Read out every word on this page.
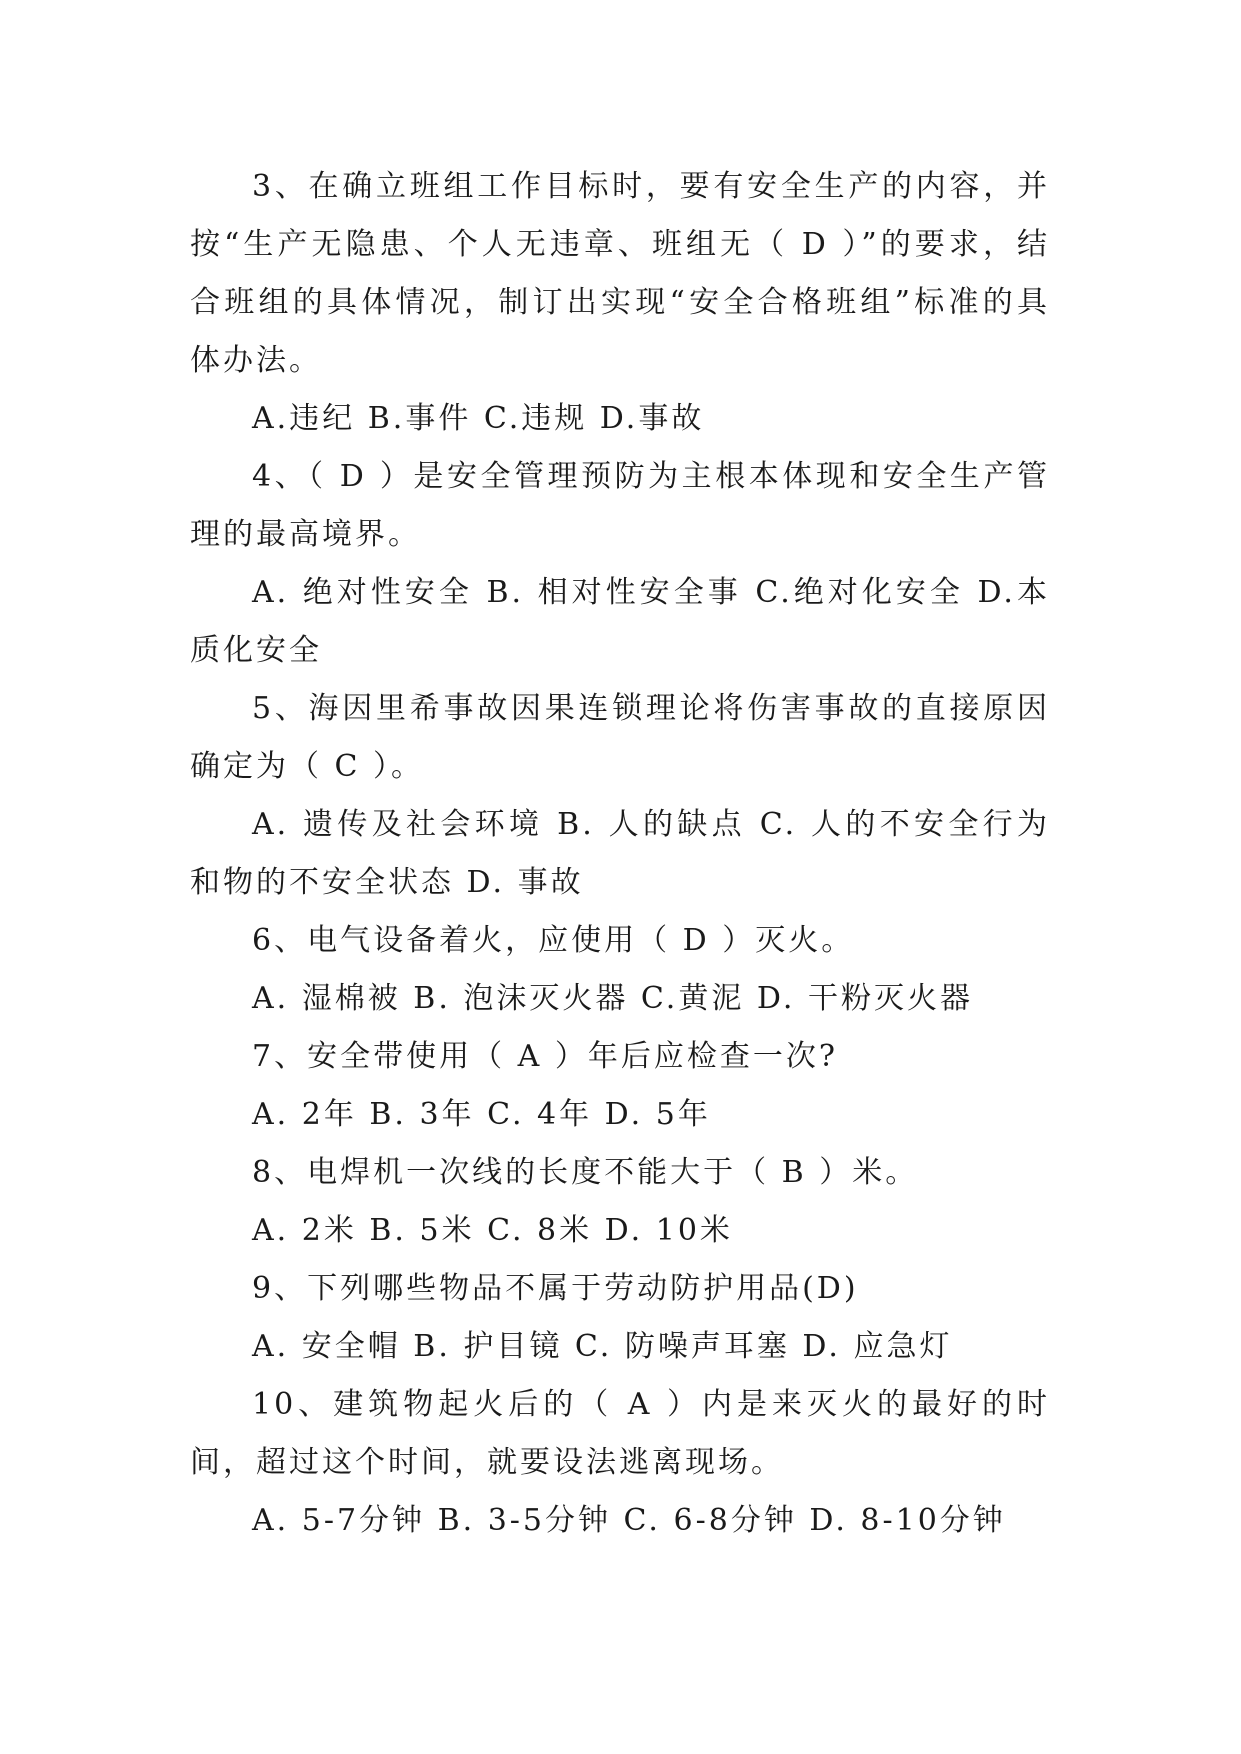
3、在确立班组工作目标时，要有安全生产的内容，并按“生产无隐患、个人无违章、班组无（ D ）”的要求，结合班组的具体情况，制订出实现“安全合格班组”标准的具体办法。

A.违纪 B.事件 C.违规 D.事故

4、（ D ）是安全管理预防为主根本体现和安全生产管理的最高境界。

A. 绝对性安全 B. 相对性安全事 C.绝对化安全 D.本质化安全

5、海因里希事故因果连锁理论将伤害事故的直接原因确定为（ C ）。

A. 遗传及社会环境 B. 人的缺点 C. 人的不安全行为和物的不安全状态 D. 事故

6、电气设备着火，应使用（ D ）灭火。

A. 湿棉被 B. 泡沫灭火器 C.黄泥 D. 干粉灭火器

7、安全带使用（ A ）年后应检查一次?

A. 2年 B. 3年 C. 4年 D. 5年

8、电焊机一次线的长度不能大于（ B ）米。

A. 2米 B. 5米 C. 8米 D. 10米

9、下列哪些物品不属于劳动防护用品(D)

A. 安全帽 B. 护目镜 C. 防噪声耳塞 D. 应急灯

10、建筑物起火后的（ A ）内是来灭火的最好的时间，超过这个时间，就要设法逃离现场。

A. 5-7分钟 B. 3-5分钟 C. 6-8分钟 D. 8-10分钟
